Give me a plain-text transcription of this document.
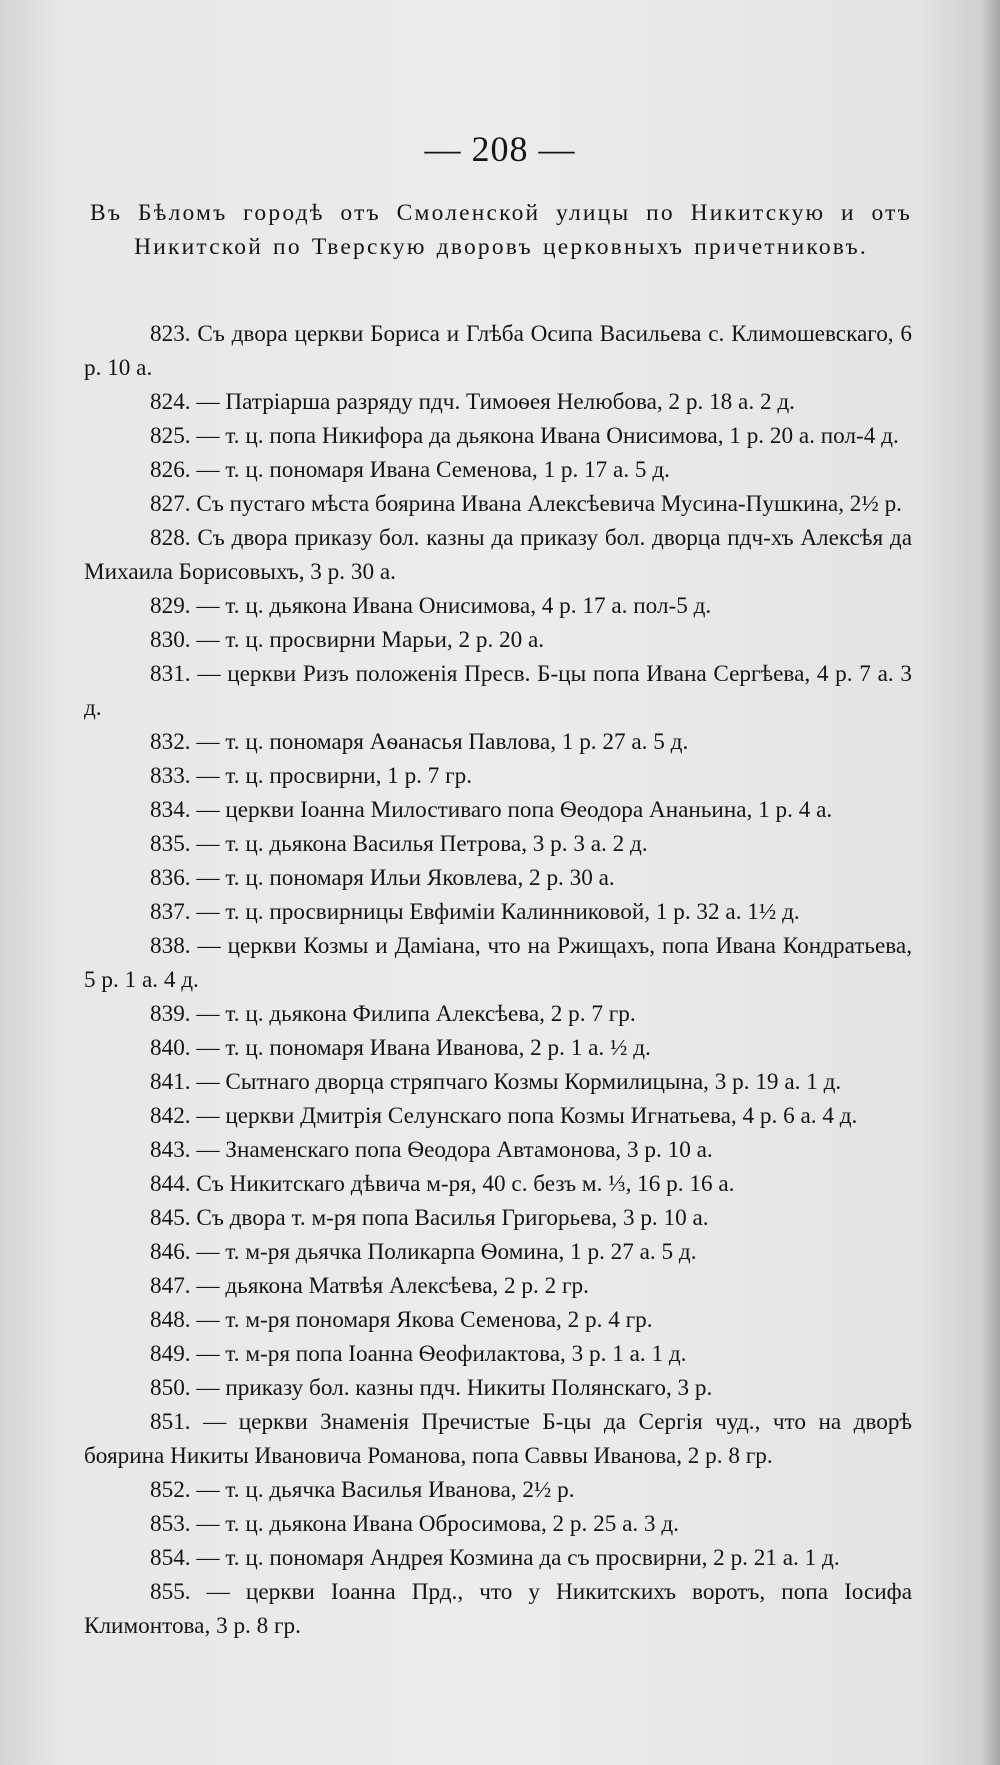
— 208 —

Въ Бѣломъ городѣ отъ Смоленской улицы по Никитскую и отъ Никитской по Тверскую дворовъ церковныхъ причетниковъ.
823. Съ двора церкви Бориса и Глѣба Осипа Васильева с. Климошевскаго, 6 р. 10 а.
824. — Патріарша разряду пдч. Тимоѳея Нелюбова, 2 р. 18 а. 2 д.
825. — т. ц. попа Никифора да дьякона Ивана Онисимова, 1 р. 20 а. пол-4 д.
826. — т. ц. пономаря Ивана Семенова, 1 р. 17 а. 5 д.
827. Съ пустаго мѣста боярина Ивана Алексѣевича Мусина-Пушкина, 2½ р.
828. Съ двора приказу бол. казны да приказу бол. дворца пдч-хъ Алексѣя да Михаила Борисовыхъ, 3 р. 30 а.
829. — т. ц. дьякона Ивана Онисимова, 4 р. 17 а. пол-5 д.
830. — т. ц. просвирни Марьи, 2 р. 20 а.
831. — церкви Ризъ положенія Пресв. Б-цы попа Ивана Сергѣева, 4 р. 7 а. 3 д.
832. — т. ц. пономаря Аѳанасья Павлова, 1 р. 27 а. 5 д.
833. — т. ц. просвирни, 1 р. 7 гр.
834. — церкви Іоанна Милостиваго попа Ѳеодора Ананьина, 1 р. 4 а.
835. — т. ц. дьякона Василья Петрова, 3 р. 3 а. 2 д.
836. — т. ц. пономаря Ильи Яковлева, 2 р. 30 а.
837. — т. ц. просвирницы Евфиміи Калинниковой, 1 р. 32 а. 1½ д.
838. — церкви Козмы и Даміана, что на Ржищахъ, попа Ивана Кондратьева, 5 р. 1 а. 4 д.
839. — т. ц. дьякона Филипа Алексѣева, 2 р. 7 гр.
840. — т. ц. пономаря Ивана Иванова, 2 р. 1 а. ½ д.
841. — Сытнаго дворца стряпчаго Козмы Кормилицына, 3 р. 19 а. 1 д.
842. — церкви Дмитрія Селунскаго попа Козмы Игнатьева, 4 р. 6 а. 4 д.
843. — Знаменскаго попа Ѳеодора Автамонова, 3 р. 10 а.
844. Съ Никитскаго дѣвича м-ря, 40 с. безъ м. ⅓, 16 р. 16 а.
845. Съ двора т. м-ря попа Василья Григорьева, 3 р. 10 а.
846. — т. м-ря дьячка Поликарпа Ѳомина, 1 р. 27 а. 5 д.
847. — дьякона Матвѣя Алексѣева, 2 р. 2 гр.
848. — т. м-ря пономаря Якова Семенова, 2 р. 4 гр.
849. — т. м-ря попа Іоанна Ѳеофилактова, 3 р. 1 а. 1 д.
850. — приказу бол. казны пдч. Никиты Полянскаго, 3 р.
851. — церкви Знаменія Пречистые Б-цы да Сергія чуд., что на дворѣ боярина Никиты Ивановича Романова, попа Саввы Иванова, 2 р. 8 гр.
852. — т. ц. дьячка Василья Иванова, 2½ р.
853. — т. ц. дьякона Ивана Обросимова, 2 р. 25 а. 3 д.
854. — т. ц. пономаря Андрея Козмина да съ просвирни, 2 р. 21 а. 1 д.
855. — церкви Іоанна Прд., что у Никитскихъ воротъ, попа Іосифа Климонтова, 3 р. 8 гр.
